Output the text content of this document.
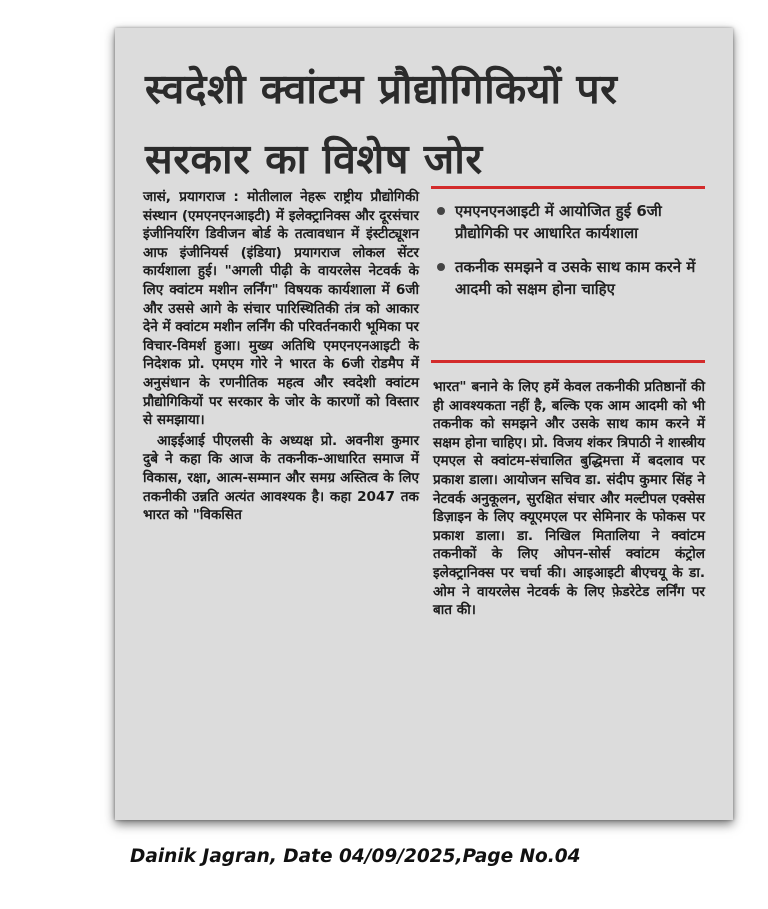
स्वदेशी क्वांटम प्रौद्योगिकियों पर सरकार का विशेष जोर

जासं, प्रयागराज : मोतीलाल नेहरू राष्ट्रीय प्रौद्योगिकी संस्थान (एमएनएनआइटी) में इलेक्ट्रानिक्स और दूरसंचार इंजीनियरिंग डिवीजन बोर्ड के तत्वावधान में इंस्टीट्यूशन आफ इंजीनियर्स (इंडिया) प्रयागराज लोकल सेंटर कार्यशाला हुई। "अगली पीढ़ी के वायरलेस नेटवर्क के लिए क्वांटम मशीन लर्निंग" विषयक कार्यशाला में 6जी और उससे आगे के संचार पारिस्थितिकी तंत्र को आकार देने में क्वांटम मशीन लर्निंग की परिवर्तनकारी भूमिका पर विचार-विमर्श हुआ। मुख्य अतिथि एमएनएनआइटी के निदेशक प्रो. एमएम गोरे ने भारत के 6जी रोडमैप में अनुसंधान के रणनीतिक महत्व और स्वदेशी क्वांटम प्रौद्योगिकियों पर सरकार के जोर के कारणों को विस्तार से समझाया।

आइईआई पीएलसी के अध्यक्ष प्रो. अवनीश कुमार दुबे ने कहा कि आज के तकनीक-आधारित समाज में विकास, रक्षा, आत्म-सम्मान और समग्र अस्तित्व के लिए तकनीकी उन्नति अत्यंत आवश्यक है। कहा 2047 तक भारत को "विकसित

एमएनएनआइटी में आयोजित हुई 6जी प्रौद्योगिकी पर आधारित कार्यशाला
तकनीक समझने व उसके साथ काम करने में आदमी को सक्षम होना चाहिए

भारत" बनाने के लिए हमें केवल तकनीकी प्रतिष्ठानों की ही आवश्यकता नहीं है, बल्कि एक आम आदमी को भी तकनीक को समझने और उसके साथ काम करने में सक्षम होना चाहिए। प्रो. विजय शंकर त्रिपाठी ने शास्त्रीय एमएल से क्वांटम-संचालित बुद्धिमत्ता में बदलाव पर प्रकाश डाला। आयोजन सचिव डा. संदीप कुमार सिंह ने नेटवर्क अनुकूलन, सुरक्षित संचार और मल्टीपल एक्सेस डिज़ाइन के लिए क्यूएमएल पर सेमिनार के फोकस पर प्रकाश डाला। डा. निखिल मितालिया ने क्वांटम तकनीकों के लिए ओपन-सोर्स क्वांटम कंट्रोल इलेक्ट्रानिक्स पर चर्चा की। आइआइटी बीएचयू के डा. ओम ने वायरलेस नेटवर्क के लिए फ़ेडरेटेड लर्निंग पर बात की।

Dainik Jagran, Date 04/09/2025,Page No.04
